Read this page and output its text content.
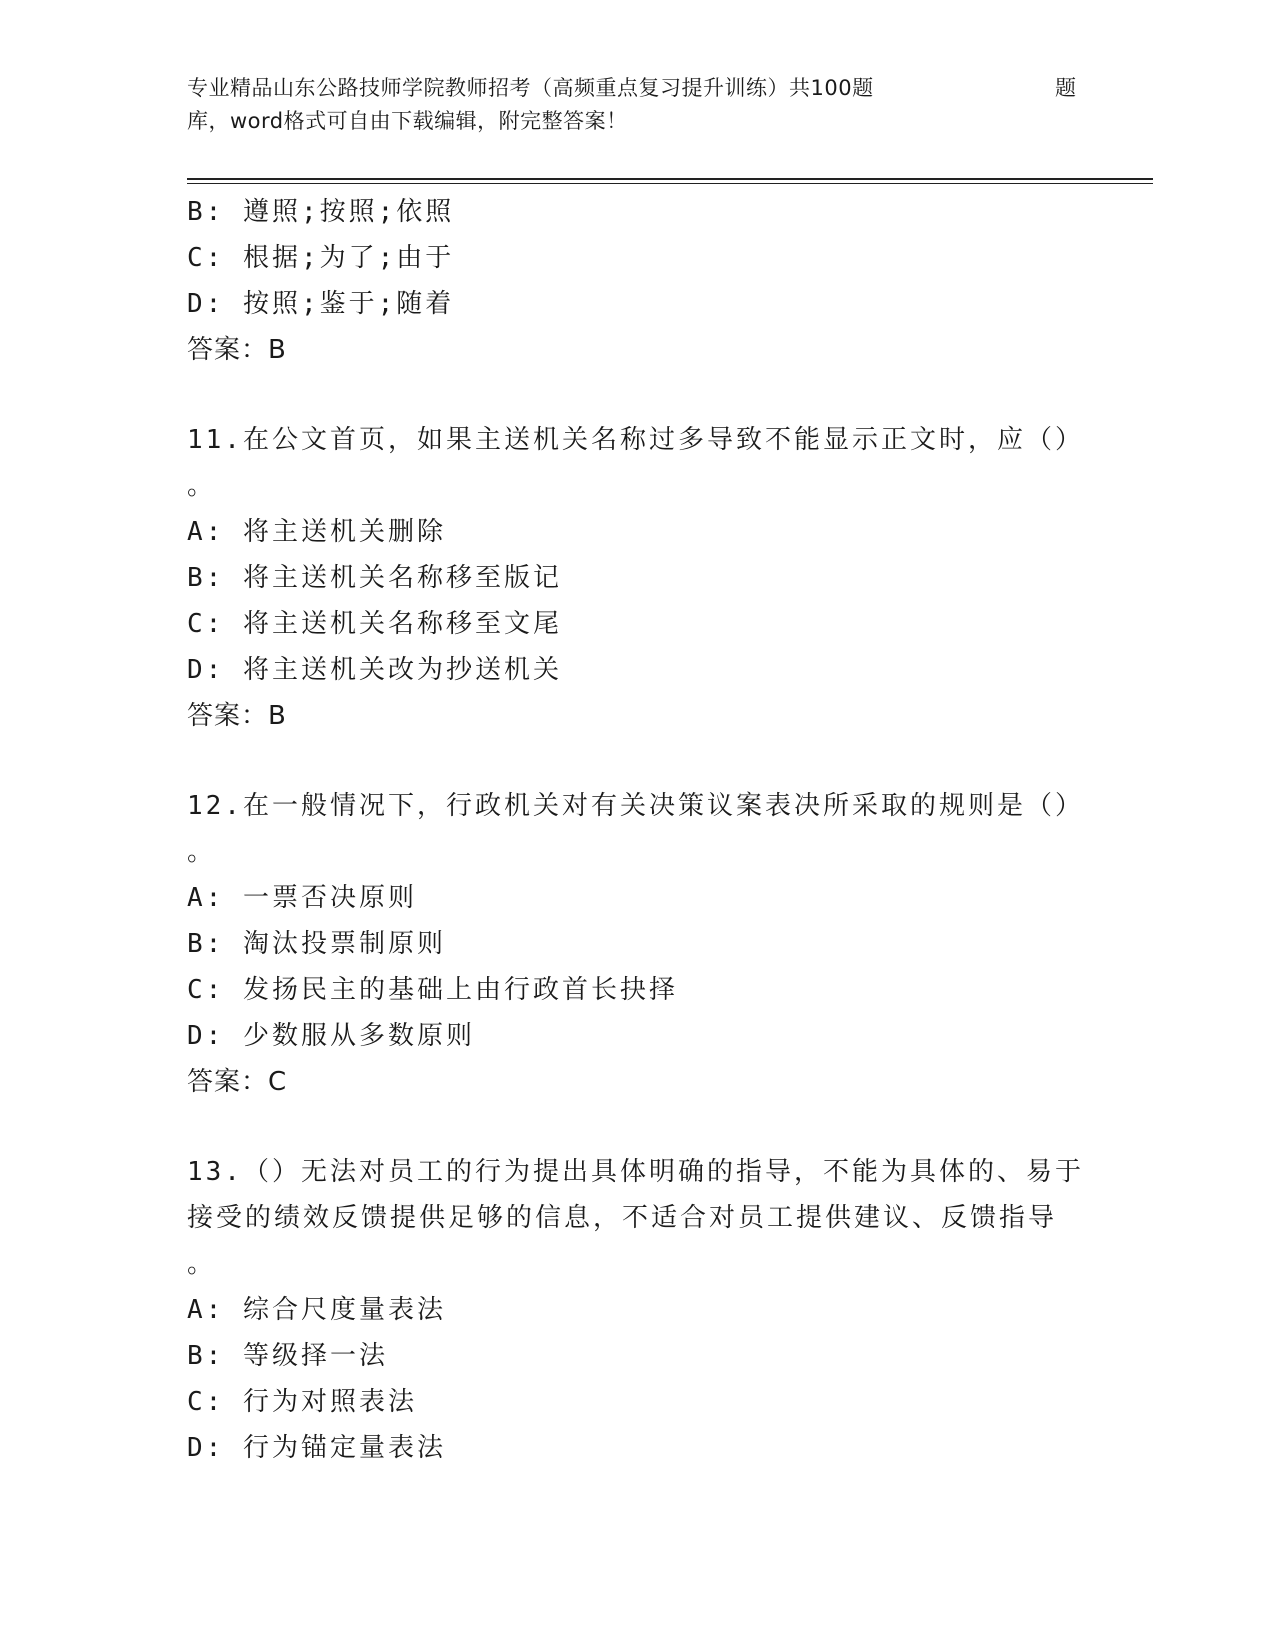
专业精品山东公路技师学院教师招考（高频重点复习提升训练）共100题	题
库，word格式可自由下载编辑，附完整答案！
B: 遵照;按照;依照
C: 根据;为了;由于
D: 按照;鉴于;随着
答案：B
11.在公文首页，如果主送机关名称过多导致不能显示正文时，应（）
。
A: 将主送机关删除
B: 将主送机关名称移至版记
C: 将主送机关名称移至文尾
D: 将主送机关改为抄送机关
答案：B
12.在一般情况下，行政机关对有关决策议案表决所采取的规则是（）
。
A: 一票否决原则
B: 淘汰投票制原则
C: 发扬民主的基础上由行政首长抉择
D: 少数服从多数原则
答案：C
13.（）无法对员工的行为提出具体明确的指导，不能为具体的、易于
接受的绩效反馈提供足够的信息，不适合对员工提供建议、反馈指导
。
A: 综合尺度量表法
B: 等级择一法
C: 行为对照表法
D: 行为锚定量表法
